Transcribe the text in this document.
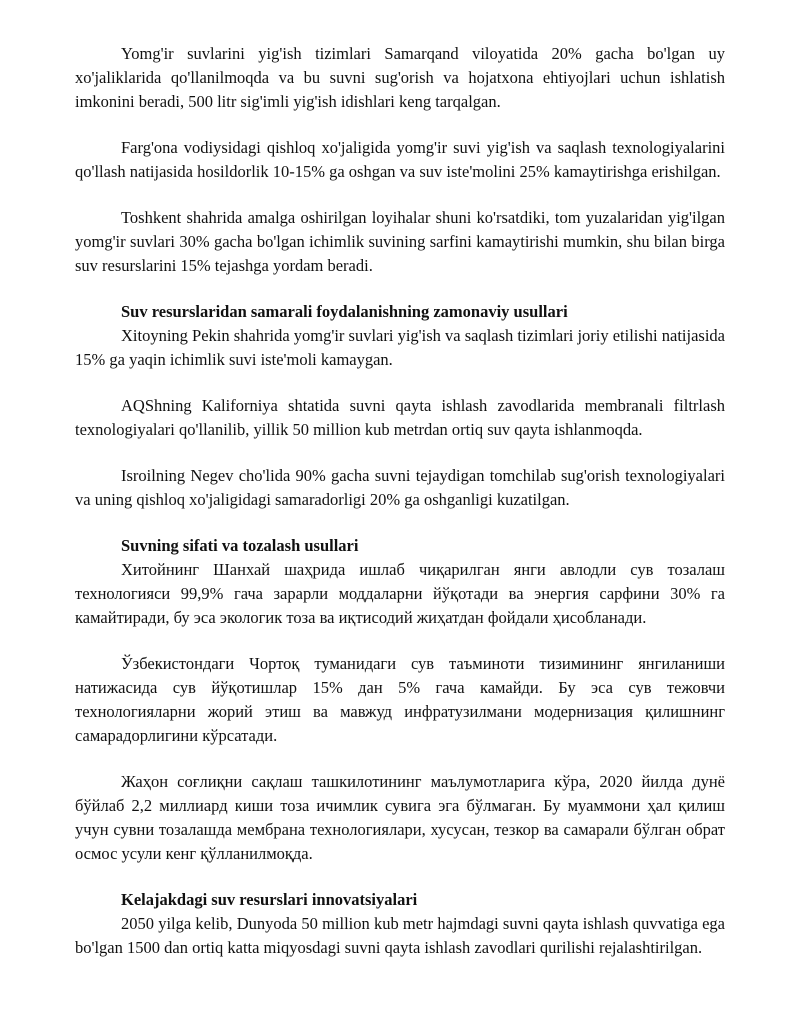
Yomg'ir suvlarini yig'ish tizimlari Samarqand viloyatida 20% gacha bo'lgan uy xo'jaliklarida qo'llanilmoqda va bu suvni sug'orish va hojatxona ehtiyojlari uchun ishlatish imkonini beradi, 500 litr sig'imli yig'ish idishlari keng tarqalgan.

Farg'ona vodiysidagi qishloq xo'jaligida yomg'ir suvi yig'ish va saqlash texnologiyalarini qo'llash natijasida hosildorlik 10-15% ga oshgan va suv iste'molini 25% kamaytirishga erishilgan.

Toshkent shahrida amalga oshirilgan loyihalar shuni ko'rsatdiki, tom yuzalaridan yig'ilgan yomg'ir suvlari 30% gacha bo'lgan ichimlik suvining sarfini kamaytirishi mumkin, shu bilan birga suv resurslarini 15% tejashga yordam beradi.

Suv resurslaridan samarali foydalanishning zamonaviy usullari

Xitoyning Pekin shahrida yomg'ir suvlari yig'ish va saqlash tizimlari joriy etilishi natijasida 15% ga yaqin ichimlik suvi iste'moli kamaygan.

AQShning Kaliforniya shtatida suvni qayta ishlash zavodlarida membranali filtrlash texnologiyalari qo'llanilib, yillik 50 million kub metrdan ortiq suv qayta ishlanmoqda.

Isroilning Negev cho'lida 90% gacha suvni tejaydigan tomchilab sug'orish texnologiyalari va uning qishloq xo'jaligidagi samaradorligi 20% ga oshganligi kuzatilgan.

Suvning sifati va tozalash usullari

Хитойнинг Шанхай шаҳрида ишлаб чиқарилган янги авлодли сув тозалаш технологияси 99,9% гача зарарли моддаларни йўқотади ва энергия сарфини 30% га камайтиради, бу эса экологик тоза ва иқтисодий жиҳатдан фойдали ҳисобланади.

Ўзбекистондаги Чортоқ туманидаги сув таъминоти тизимининг янгиланиши натижасида сув йўқотишлар 15% дан 5% гача камайди. Бу эса сув тежовчи технологияларни жорий этиш ва мавжуд инфратузилмани модернизация қилишнинг самарадорлигини кўрсатади.

Жаҳон соғлиқни сақлаш ташкилотининг маълумотларига кўра, 2020 йилда дунё бўйлаб 2,2 миллиард киши тоза ичимлик сувига эга бўлмаган. Бу муаммони ҳал қилиш учун сувни тозалашда мембрана технологиялари, хусусан, тезкор ва самарали бўлган обрат осмос усули кенг қўлланилмоқда.

Kelajakdagi suv resurslari innovatsiyalari

2050 yilga kelib, Dunyoda 50 million kub metr hajmdagi suvni qayta ishlash quvvatiga ega bo'lgan 1500 dan ortiq katta miqyosdagi suvni qayta ishlash zavodlari qurilishi rejalashtirilgan.
